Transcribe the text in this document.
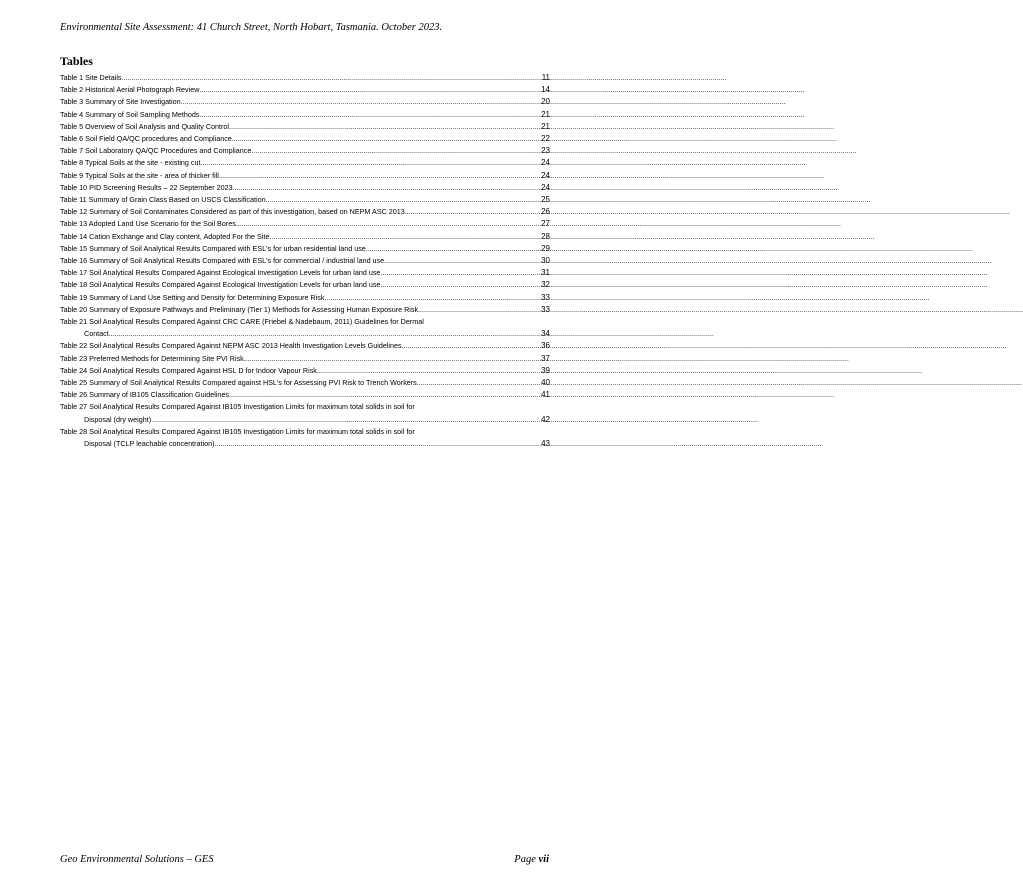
Environmental Site Assessment: 41 Church Street, North Hobart, Tasmania. October 2023.
Tables
Table 1 Site Details .....	11
Table 2 Historical Aerial Photograph Review .....	14
Table 3 Summary of Site Investigation .....	20
Table 4 Summary of Soil Sampling Methods .....	21
Table 5 Overview of Soil Analysis and Quality Control .....	21
Table 6 Soil Field QA/QC procedures and Compliance .....	22
Table 7 Soil Laboratory QA/QC Procedures and Compliance .....	23
Table 8 Typical Soils at the site - existing cut .....	24
Table 9 Typical Soils at the site - area of thicker fill .....	24
Table 10 PID Screening Results – 22 September 2023 .....	24
Table 11 Summary of Grain Class Based on USCS Classification .....	25
Table 12 Summary of Soil Contaminates Considered as part of this investigation, based on NEPM ASC 2013 .....	26
Table 13 Adopted Land Use Scenario for the Soil Bores .....	27
Table 14 Cation Exchange and Clay content, Adopted For the Site .....	28
Table 15 Summary of Soil Analytical Results Compared with ESL's for urban residential land use. .....	29
Table 16 Summary of Soil Analytical Results Compared with ESL's for commercial / industrial land use. .....	30
Table 17 Soil Analytical Results Compared Against Ecological Investigation Levels for urban land use. .....	31
Table 18 Soil Analytical Results Compared Against Ecological Investigation Levels for urban land use. .....	32
Table 19 Summary of Land Use Setting and Density for Determining Exposure Risk .....	33
Table 20 Summary of Exposure Pathways and Preliminary (Tier 1) Methods for Assessing Human Exposure Risk .....	33
Table 21 Soil Analytical Results Compared Against CRC CARE (Friebel & Nadebaum, 2011) Guidelines for Dermal
Contact .....	34
Table 22 Soil Analytical Results Compared Against NEPM ASC 2013 Health Investigation Levels Guidelines .....	36
Table 23 Preferred Methods for Determining Site PVI Risk .....	37
Table 24 Soil Analytical Results Compared Against HSL D for Indoor Vapour Risk .....	39
Table 25 Summary of Soil Analytical Results Compared against HSL's for Assessing PVI Risk to Trench Workers .....	40
Table 26 Summary of IB105 Classification Guidelines .....	41
Table 27 Soil Analytical Results Compared Against IB105 Investigation Limits for maximum total solids in soil for
Disposal (dry weight). .....	42
Table 28 Soil Analytical Results Compared Against IB105 Investigation Limits for maximum total solids in soil for
Disposal (TCLP leachable concentration). .....	43
Geo Environmental Solutions – GES	Page vii
